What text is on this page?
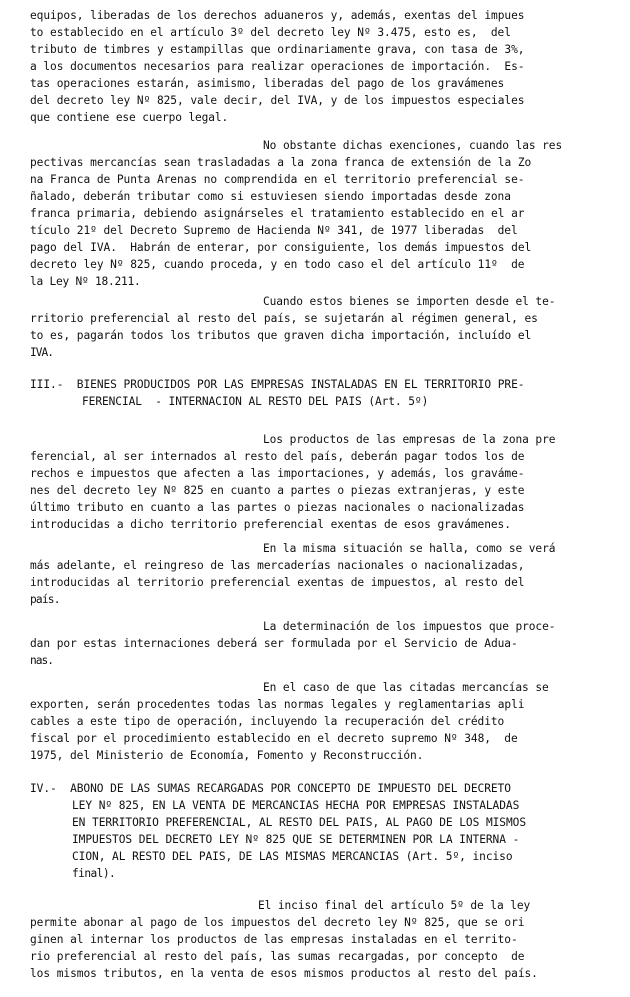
equipos, liberadas de los derechos aduaneros y, además, exentas del impues
to establecido en el artículo 3º del decreto ley Nº 3.475, esto es,  del
tributo de timbres y estampillas que ordinariamente grava, con tasa de 3%,
a los documentos necesarios para realizar operaciones de importación.  Es-
tas operaciones estarán, asimismo, liberadas del pago de los gravámenes
del decreto ley Nº 825, vale decir, del IVA, y de los impuestos especiales
que contiene ese cuerpo legal.
No obstante dichas exenciones, cuando las res
pectivas mercancías sean trasladadas a la zona franca de extensión de la Zo
na Franca de Punta Arenas no comprendida en el territorio preferencial se-
ñalado, deberán tributar como si estuviesen siendo importadas desde zona
franca primaria, debiendo asignárseles el tratamiento establecido en el ar
tículo 21º del Decreto Supremo de Hacienda Nº 341, de 1977 liberadas  del
pago del IVA.  Habrán de enterar, por consiguiente, los demás impuestos del
decreto ley Nº 825, cuando proceda, y en todo caso el del artículo 11º  de
la Ley Nº 18.211.
Cuando estos bienes se importen desde el te-
rritorio preferencial al resto del país, se sujetarán al régimen general, es
to es, pagarán todos los tributos que graven dicha importación, incluído el
IVA.
III.-  BIENES PRODUCIDOS POR LAS EMPRESAS INSTALADAS EN EL TERRITORIO PRE-
FERENCIAL  - INTERNACION AL RESTO DEL PAIS (Art. 5º)
Los productos de las empresas de la zona pre
ferencial, al ser internados al resto del país, deberán pagar todos los de
rechos e impuestos que afecten a las importaciones, y además, los graváme-
nes del decreto ley Nº 825 en cuanto a partes o piezas extranjeras, y este
último tributo en cuanto a las partes o piezas nacionales o nacionalizadas
introducidas a dicho territorio preferencial exentas de esos gravámenes.
En la misma situación se halla, como se verá
más adelante, el reingreso de las mercaderías nacionales o nacionalizadas,
introducidas al territorio preferencial exentas de impuestos, al resto del
país.
La determinación de los impuestos que proce-
dan por estas internaciones deberá ser formulada por el Servicio de Adua-
nas.
En el caso de que las citadas mercancías se
exporten, serán procedentes todas las normas legales y reglamentarias apli
cables a este tipo de operación, incluyendo la recuperación del crédito
fiscal por el procedimiento establecido en el decreto supremo Nº 348,  de
1975, del Ministerio de Economía, Fomento y Reconstrucción.
IV.-  ABONO DE LAS SUMAS RECARGADAS POR CONCEPTO DE IMPUESTO DEL DECRETO
LEY Nº 825, EN LA VENTA DE MERCANCIAS HECHA POR EMPRESAS INSTALADAS
EN TERRITORIO PREFERENCIAL, AL RESTO DEL PAIS, AL PAGO DE LOS MISMOS
IMPUESTOS DEL DECRETO LEY Nº 825 QUE SE DETERMINEN POR LA INTERNA -
CION, AL RESTO DEL PAIS, DE LAS MISMAS MERCANCIAS (Art. 5º, inciso
final).
El inciso final del artículo 5º de la ley
permite abonar al pago de los impuestos del decreto ley Nº 825, que se ori
ginen al internar los productos de las empresas instaladas en el territo-
rio preferencial al resto del país, las sumas recargadas, por concepto  de
los mismos tributos, en la venta de esos mismos productos al resto del país.
